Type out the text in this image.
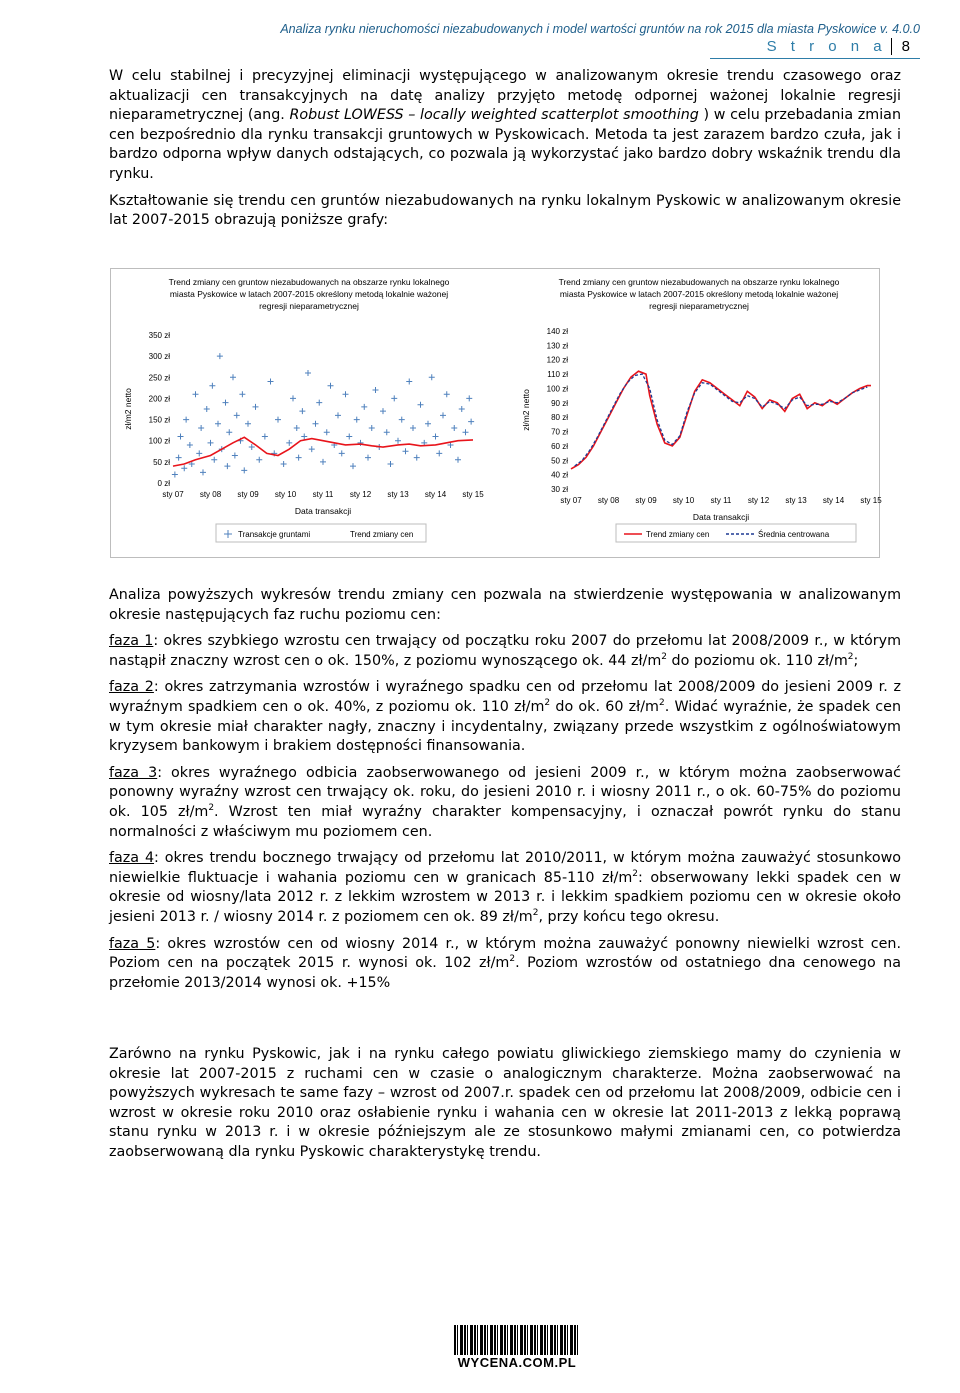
Analiza rynku nieruchomości niezabudowanych i model wartości gruntów na rok 2015 dla miasta Pyskowice v. 4.0.0
S t r o n a 8

W celu stabilnej i precyzyjnej eliminacji występującego w analizowanym okresie trendu czasowego oraz aktualizacji cen transakcyjnych na datę analizy przyjęto metodę odpornej ważonej lokalnie regresji nieparametrycznej (ang. Robust LOWESS – locally weighted scatterplot smoothing ) w celu przebadania zmian cen bezpośrednio dla rynku transakcji gruntowych w Pyskowicach. Metoda ta jest zarazem bardzo czuła, jak i bardzo odporna wpływ danych odstających, co pozwala ją wykorzystać jako bardzo dobry wskaźnik trendu dla rynku.

Kształtowanie się trendu cen gruntów niezabudowanych na rynku lokalnym Pyskowic w analizowanym okresie lat 2007-2015 obrazują poniższe grafy:

Trend zmiany cen gruntow niezabudowanych na obszarze rynku lokalnego
miasta Pyskowice w latach 2007-2015 określony metodą lokalnie ważonej
regresji nieparametrycznej
0 zł
50 zł
100 zł
150 zł
200 zł
250 zł
300 zł
350 zł
sty 07 sty 08 sty 09 sty 10 sty 11 sty 12 sty 13 sty 14 sty 15
Data transakcji
zł/m2 netto
Transakcje gruntami	Trend zmiany cen
Trend zmiany cen gruntow niezabudowanych na obszarze rynku lokalnego
miasta Pyskowice w latach 2007-2015 określony metodą lokalnie ważonej
regresji nieparametrycznej
30 zł
40 zł
50 zł
60 zł
70 zł
80 zł
90 zł
100 zł
110 zł
120 zł
130 zł
140 zł
sty 07 sty 08 sty 09 sty 10 sty 11 sty 12 sty 13 sty 14 sty 15
Data transakcji
zł/m2 netto
Trend zmiany cen	Średnia centrowana

Analiza powyższych wykresów trendu zmiany cen pozwala na stwierdzenie występowania w analizowanym okresie następujących faz ruchu poziomu cen:

faza 1: okres szybkiego wzrostu cen trwający od początku roku 2007 do przełomu lat 2008/2009 r., w którym nastąpił znaczny wzrost cen o ok. 150%, z poziomu wynoszącego ok. 44 $zł/m^2$ do poziomu ok. 110 $zł/m^2$;

faza 2: okres zatrzymania wzrostów i wyraźnego spadku cen od przełomu lat 2008/2009 do jesieni 2009 r. z wyraźnym spadkiem cen o ok. 40%, z poziomu ok. 110 $zł/m^2$ do ok. 60 $zł/m^2$. Widać wyraźnie, że spadek cen w tym okresie miał charakter nagły, znaczny i incydentalny, związany przede wszystkim z ogólnoświatowym kryzysem bankowym i brakiem dostępności finansowania.

faza 3: okres wyraźnego odbicia zaobserwowanego od jesieni 2009 r., w którym można zaobserwować ponowny wyraźny wzrost cen trwający ok. roku, do jesieni 2010 r. i wiosny 2011 r., o ok. 60-75% do poziomu ok. 105 $zł/m^2$. Wzrost ten miał wyraźny charakter kompensacyjny, i oznaczał powrót rynku do stanu normalności z właściwym mu poziomem cen.

faza 4: okres trendu bocznego trwający od przełomu lat 2010/2011, w którym można zauważyć stosunkowo niewielkie fluktuacje i wahania poziomu cen w granicach 85-110 $zł/m^2$: obserwowany lekki spadek cen w okresie od wiosny/lata 2012 r. z lekkim wzrostem w 2013 r. i lekkim spadkiem poziomu cen w okresie około jesieni 2013 r. / wiosny 2014 r. z poziomem cen ok. 89 $zł/m^2$, przy końcu tego okresu.

faza 5: okres wzrostów cen od wiosny 2014 r., w którym można zauważyć ponowny niewielki wzrost cen. Poziom cen na początek 2015 r. wynosi ok. 102 $zł/m^2$. Poziom wzrostów od ostatniego dna cenowego na przełomie 2013/2014 wynosi ok. +15%

Zarówno na rynku Pyskowic, jak i na rynku całego powiatu gliwickiego ziemskiego mamy do czynienia w okresie lat 2007-2015 z ruchami cen w czasie o analogicznym charakterze. Można zaobserwować na powyższych wykresach te same fazy – wzrost od 2007.r. spadek cen od przełomu lat 2008/2009, odbicie cen i wzrost w okresie roku 2010 oraz osłabienie rynku i wahania cen w okresie lat 2011-2013 z lekką poprawą stanu rynku w 2013 r. i w okresie późniejszym ale ze stosunkowo małymi zmianami cen, co potwierdza zaobserwowaną dla rynku Pyskowic charakterystykę trendu.

WYCENA.COM.PL
